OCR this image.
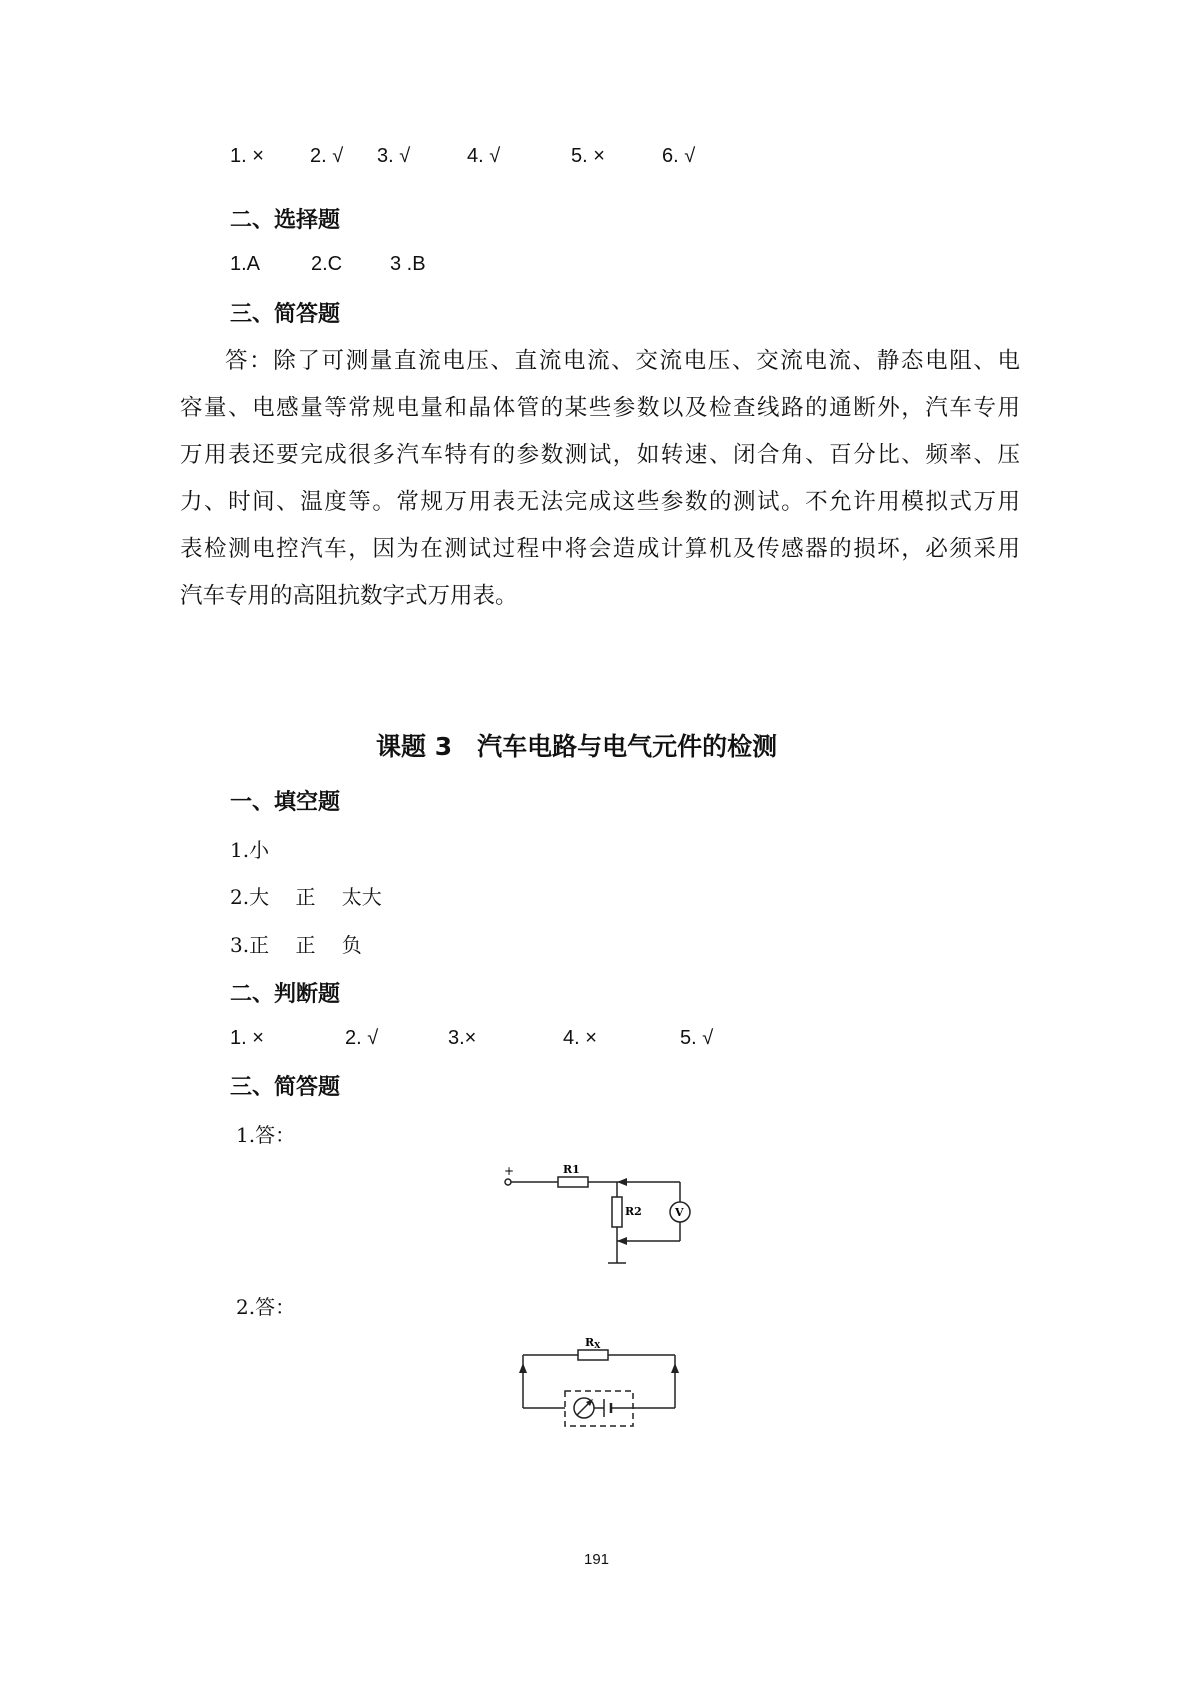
1. × 2. √ 3. √	4. √	5. ×	6. √
二、选择题
1.A	2.C 3 .B
三、简答题

答：除了可测量直流电压、直流电流、交流电压、交流电流、静态电阻、电

容量、电感量等常规电量和晶体管的某些参数以及检查线路的通断外，汽车专用

万用表还要完成很多汽车特有的参数测试，如转速、闭合角、百分比、频率、压

力、时间、温度等。常规万用表无法完成这些参数的测试。不允许用模拟式万用

表检测电控汽车，因为在测试过程中将会造成计算机及传感器的损坏，必须采用

汽车专用的高阻抗数字式万用表。

课题 3　汽车电路与电气元件的检测
一、填空题
1.小
2.大　 正　 太大
3.正　 正　 负
二、判断题
1. ×	2. √	3.×	4. ×	5. √
三、简答题
1.答：
+	R1
R2	V
2.答：
RX
191
